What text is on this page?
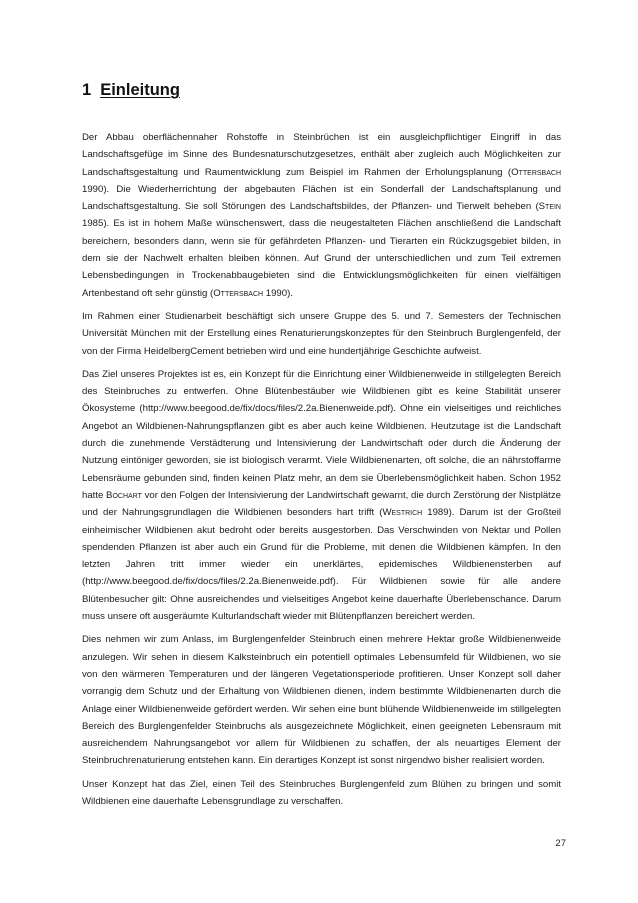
1 Einleitung

Der Abbau oberflächennaher Rohstoffe in Steinbrüchen ist ein ausgleichpflichtiger Eingriff in das Landschaftsgefüge im Sinne des Bundesnaturschutzgesetzes, enthält aber zugleich auch Möglichkeiten zur Landschaftsgestaltung und Raumentwicklung zum Beispiel im Rahmen der Erholungsplanung (Ottersbach 1990). Die Wiederherrichtung der abgebauten Flächen ist ein Sonderfall der Landschaftsplanung und Landschaftsgestaltung. Sie soll Störungen des Landschaftsbildes, der Pflanzen- und Tierwelt beheben (Stein 1985). Es ist in hohem Maße wünschenswert, dass die neugestalteten Flächen anschließend die Landschaft bereichern, besonders dann, wenn sie für gefährdeten Pflanzen- und Tierarten ein Rückzugsgebiet bilden, in dem sie der Nachwelt erhalten bleiben können. Auf Grund der unterschiedlichen und zum Teil extremen Lebensbedingungen in Trockenabbaugebieten sind die Entwicklungsmöglichkeiten für einen vielfältigen Artenbestand oft sehr günstig (Ottersbach 1990).

Im Rahmen einer Studienarbeit beschäftigt sich unsere Gruppe des 5. und 7. Semesters der Technischen Universität München mit der Erstellung eines Renaturierungskonzeptes für den Steinbruch Burglengenfeld, der von der Firma HeidelbergCement betrieben wird und eine hundertjährige Geschichte aufweist.

Das Ziel unseres Projektes ist es, ein Konzept für die Einrichtung einer Wildbienenweide in stillgelegten Bereich des Steinbruches zu entwerfen. Ohne Blütenbestäuber wie Wildbienen gibt es keine Stabilität unserer Ökosysteme (http://www.beegood.de/fix/docs/files/2.2a.Bienenweide.pdf). Ohne ein vielseitiges und reichliches Angebot an Wildbienen-Nahrungspflanzen gibt es aber auch keine Wildbienen. Heutzutage ist die Landschaft durch die zunehmende Verstädterung und Intensivierung der Landwirtschaft oder durch die Änderung der Nutzung eintöniger geworden, sie ist biologisch verarmt. Viele Wildbienenarten, oft solche, die an nährstoffarme Lebensräume gebunden sind, finden keinen Platz mehr, an dem sie Überlebensmöglichkeit haben. Schon 1952 hatte Bochart vor den Folgen der Intensivierung der Landwirtschaft gewarnt, die durch Zerstörung der Nistplätze und der Nahrungsgrundlagen die Wildbienen besonders hart trifft (Westrich 1989). Darum ist der Großteil einheimischer Wildbienen akut bedroht oder bereits ausgestorben. Das Verschwinden von Nektar und Pollen spendenden Pflanzen ist aber auch ein Grund für die Probleme, mit denen die Wildbienen kämpfen. In den letzten Jahren tritt immer wieder ein unerklärtes, epidemisches Wildbienensterben auf (http://www.beegood.de/fix/docs/files/2.2a.Bienenweide.pdf). Für Wildbienen sowie für alle andere Blütenbesucher gilt: Ohne ausreichendes und vielseitiges Angebot keine dauerhafte Überlebenschance. Darum muss unsere oft ausgeräumte Kulturlandschaft wieder mit Blütenpflanzen bereichert werden.

Dies nehmen wir zum Anlass, im Burglengenfelder Steinbruch einen mehrere Hektar große Wildbienenweide anzulegen. Wir sehen in diesem Kalksteinbruch ein potentiell optimales Lebensumfeld für Wildbienen, wo sie von den wärmeren Temperaturen und der längeren Vegetationsperiode profitieren. Unser Konzept soll daher vorrangig dem Schutz und der Erhaltung von Wildbienen dienen, indem bestimmte Wildbienenarten durch die Anlage einer Wildbienenweide gefördert werden. Wir sehen eine bunt blühende Wildbienenweide im stillgelegten Bereich des Burglengenfelder Steinbruchs als ausgezeichnete Möglichkeit, einen geeigneten Lebensraum mit ausreichendem Nahrungsangebot vor allem für Wildbienen zu schaffen, der als neuartiges Element der Steinbruchrenaturierung entstehen kann. Ein derartiges Konzept ist sonst nirgendwo bisher realisiert worden.

Unser Konzept hat das Ziel, einen Teil des Steinbruches Burglengenfeld zum Blühen zu bringen und somit Wildbienen eine dauerhafte Lebensgrundlage zu verschaffen.

27
